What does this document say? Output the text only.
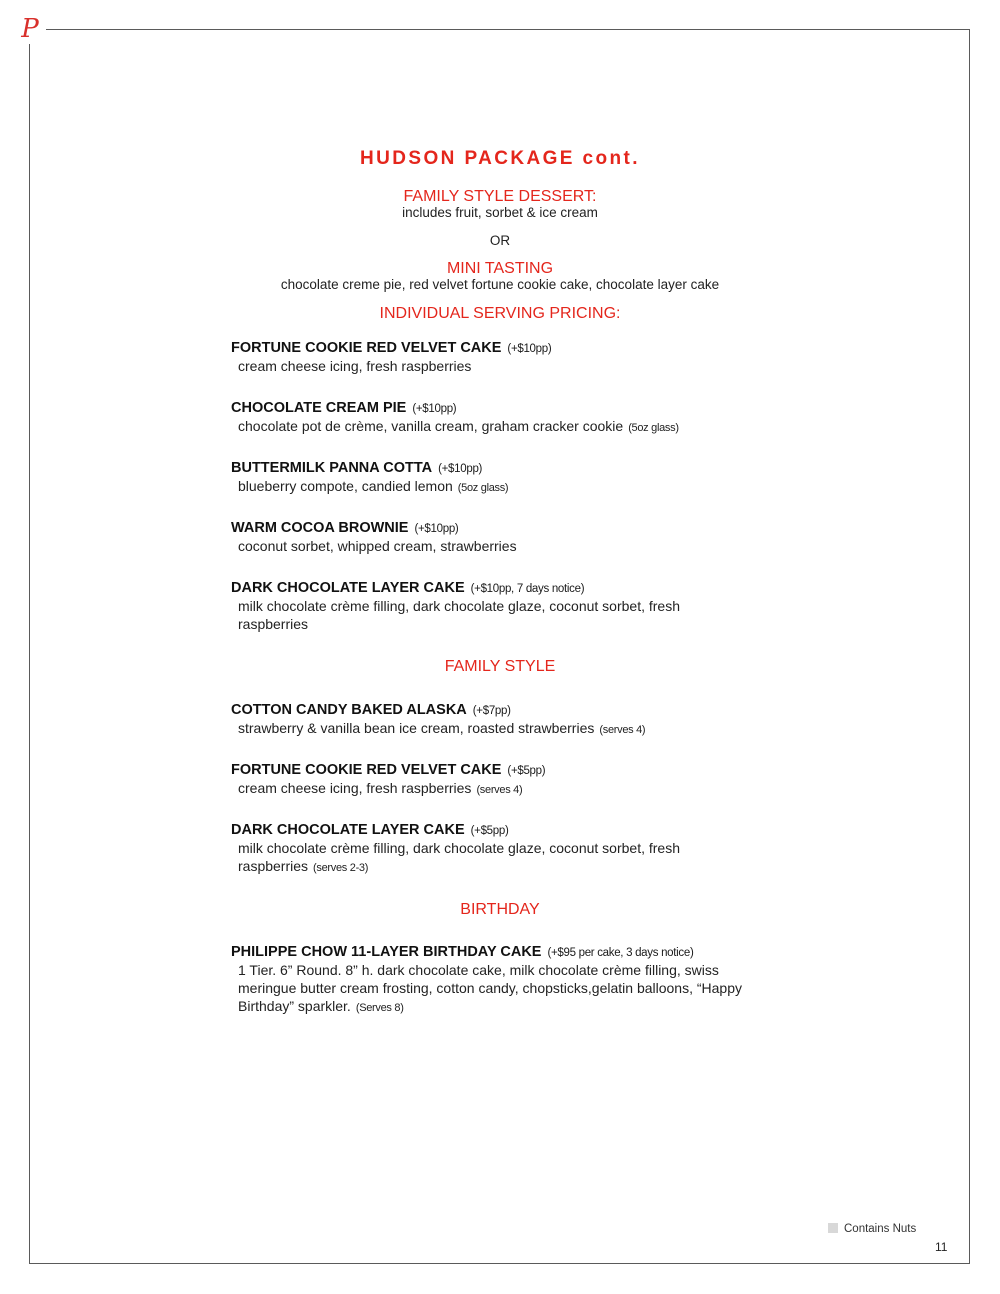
P
HUDSON PACKAGE cont.
FAMILY STYLE DESSERT:
includes fruit, sorbet & ice cream
OR
MINI TASTING
chocolate creme pie, red velvet fortune cookie cake, chocolate layer cake
INDIVIDUAL SERVING PRICING:
FORTUNE COOKIE RED VELVET CAKE (+$10pp)
cream cheese icing, fresh raspberries
CHOCOLATE CREAM PIE (+$10pp)
chocolate pot de crème, vanilla cream, graham cracker cookie (5oz glass)
BUTTERMILK PANNA COTTA (+$10pp)
blueberry compote, candied lemon (5oz glass)
WARM COCOA BROWNIE (+$10pp)
coconut sorbet, whipped cream, strawberries
DARK CHOCOLATE LAYER CAKE (+$10pp, 7 days notice)
milk chocolate crème filling, dark chocolate glaze, coconut sorbet, fresh raspberries
FAMILY STYLE
COTTON CANDY BAKED ALASKA (+$7pp)
strawberry & vanilla bean ice cream, roasted strawberries (serves 4)
FORTUNE COOKIE RED VELVET CAKE (+$5pp)
cream cheese icing, fresh raspberries (serves 4)
DARK CHOCOLATE LAYER CAKE (+$5pp)
milk chocolate crème filling, dark chocolate glaze, coconut sorbet, fresh raspberries (serves 2-3)
BIRTHDAY
PHILIPPE CHOW 11-LAYER BIRTHDAY CAKE (+$95 per cake, 3 days notice)
1 Tier. 6” Round. 8” h. dark chocolate cake, milk chocolate crème filling, swiss meringue butter cream frosting, cotton candy, chopsticks,gelatin balloons, “Happy Birthday” sparkler. (Serves 8)
Contains Nuts
11
